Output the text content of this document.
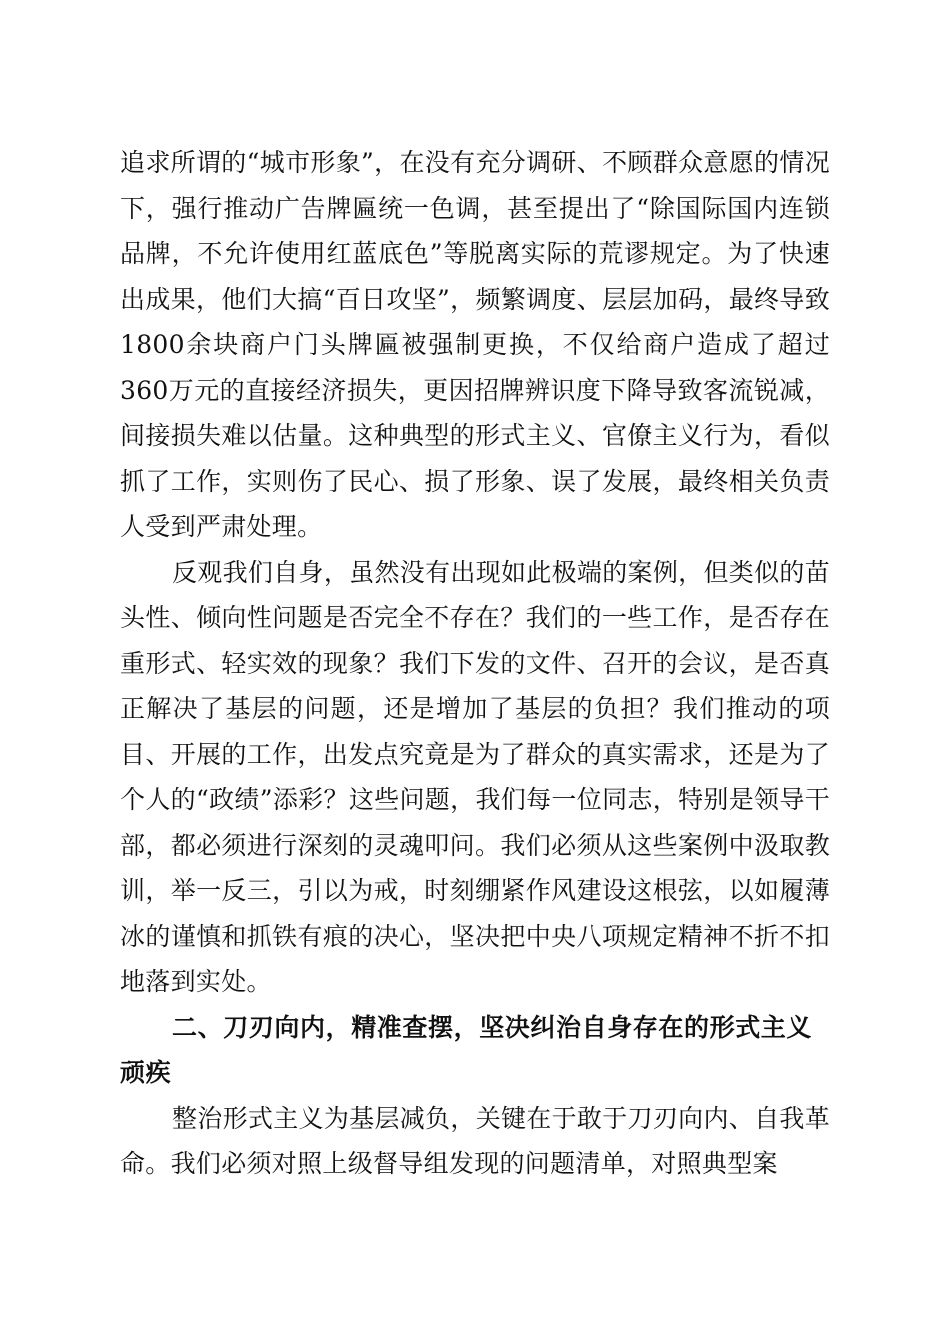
追求所谓的“城市形象”，在没有充分调研、不顾群众意愿的情况下，强行推动广告牌匾统一色调，甚至提出了“除国际国内连锁品牌，不允许使用红蓝底色”等脱离实际的荒谬规定。为了快速出成果，他们大搞“百日攻坚”，频繁调度、层层加码，最终导致1800余块商户门头牌匾被强制更换，不仅给商户造成了超过360万元的直接经济损失，更因招牌辨识度下降导致客流锐减，间接损失难以估量。这种典型的形式主义、官僚主义行为，看似抓了工作，实则伤了民心、损了形象、误了发展，最终相关负责人受到严肃处理。

反观我们自身，虽然没有出现如此极端的案例，但类似的苗头性、倾向性问题是否完全不存在？我们的一些工作，是否存在重形式、轻实效的现象？我们下发的文件、召开的会议，是否真正解决了基层的问题，还是增加了基层的负担？我们推动的项目、开展的工作，出发点究竟是为了群众的真实需求，还是为了个人的“政绩”添彩？这些问题，我们每一位同志，特别是领导干部，都必须进行深刻的灵魂叩问。我们必须从这些案例中汲取教训，举一反三，引以为戒，时刻绷紧作风建设这根弦，以如履薄冰的谨慎和抓铁有痕的决心，坚决把中央八项规定精神不折不扣地落到实处。

二、刀刃向内，精准查摆，坚决纠治自身存在的形式主义顽疾

整治形式主义为基层减负，关键在于敢于刀刃向内、自我革命。我们必须对照上级督导组发现的问题清单，对照典型案
